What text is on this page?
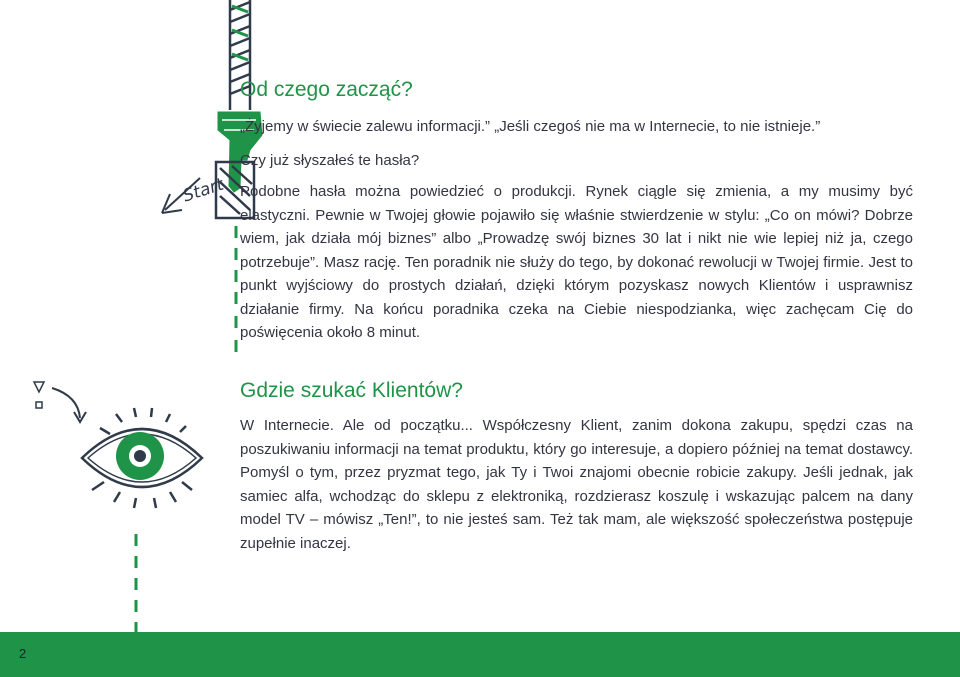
Start
Od czego zacząć?

„Żyjemy w świecie zalewu informacji.” „Jeśli czegoś nie ma w Internecie, to nie istnieje.”

Czy już słyszałeś te hasła?

Podobne hasła można powiedzieć o produkcji. Rynek ciągle się zmienia, a my musimy być elastyczni. Pewnie w Twojej głowie pojawiło się właśnie stwierdzenie w stylu: „Co on mówi? Dobrze wiem, jak działa mój biznes” albo „Prowadzę swój biznes 30 lat i nikt nie wie lepiej niż ja, czego potrzebuje”. Masz rację. Ten poradnik nie służy do tego, by dokonać rewolucji w Twojej firmie. Jest to punkt wyjściowy do prostych działań, dzięki którym pozyskasz nowych Klientów i usprawnisz działanie firmy. Na końcu poradnika czeka na Ciebie niespodzianka, więc zachęcam Cię do poświęcenia około 8 minut.

Gdzie szukać Klientów?

W Internecie. Ale od początku... Współczesny Klient, zanim dokona zakupu, spędzi czas na poszukiwaniu informacji na temat produktu, który go interesuje, a dopiero później na temat dostawcy. Pomyśl o tym, przez pryzmat tego, jak Ty i Twoi znajomi obecnie robicie zakupy. Jeśli jednak, jak samiec alfa, wchodząc do sklepu z elektroniką, rozdzierasz koszulę i wskazując palcem na dany model TV – mówisz „Ten!”, to nie jesteś sam. Też tak mam, ale większość społeczeństwa postępuje zupełnie inaczej.

2
